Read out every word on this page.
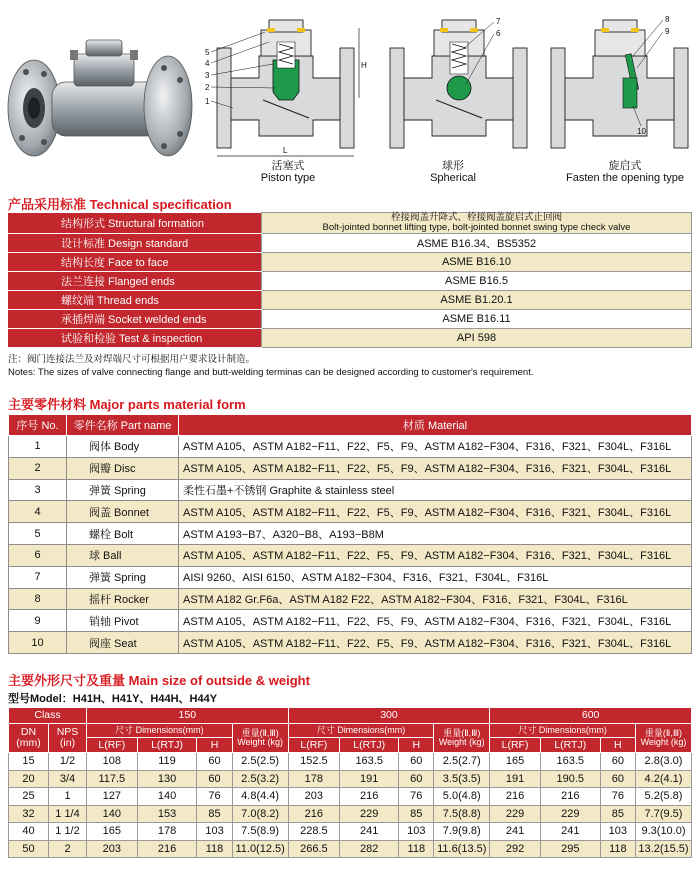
5
4
3
2
1
L
H
7
6
8
9
10
活塞式
Piston type
球形
Spherical
旋启式
Fasten the opening type
产品采用标准 Technical specification
结构形式 Structural formation	栓接阀盖升降式、栓接阀盖旋启式止回阀
Bolt-jointed bonnet lifting type, bolt-jointed bonnet swing type check valve

设计标准 Design standard	ASME B16.34、BS5352
结构长度 Face to face	ASME B16.10
法兰连接 Flanged ends	ASME B16.5
螺纹端 Thread ends	ASME B1.20.1
承插焊端 Socket welded ends	ASME B16.11
试验和检验 Test & inspection	API 598
注：阀门连接法兰及对焊端尺寸可根据用户要求设计制造。
Notes: The sizes of valve connecting flange and butt-welding terminas can be designed according to customer's requirement.
主要零件材料 Major parts material form
序号 No.	零件名称 Part name	材质 Material
1	阀体 Body	ASTM A105、ASTM A182−F11、F22、F5、F9、ASTM A182−F304、F316、F321、F304L、F316L
2	阀瓣 Disc	ASTM A105、ASTM A182−F11、F22、F5、F9、ASTM A182−F304、F316、F321、F304L、F316L
3	弹簧 Spring	柔性石墨+不锈钢 Graphite & stainless steel
4	阀盖 Bonnet	ASTM A105、ASTM A182−F11、F22、F5、F9、ASTM A182−F304、F316、F321、F304L、F316L
5	螺栓 Bolt	ASTM A193−B7、A320−B8、A193−B8M
6	球 Ball	ASTM A105、ASTM A182−F11、F22、F5、F9、ASTM A182−F304、F316、F321、F304L、F316L
7	弹簧 Spring	AISI 9260、AISI 6150、ASTM A182−F304、F316、F321、F304L、F316L
8	摇杆 Rocker	ASTM A182 Gr.F6a、ASTM A182 F22、ASTM A182−F304、F316、F321、F304L、F316L
9	销轴 Pivot	ASTM A105、ASTM A182−F11、F22、F5、F9、ASTM A182−F304、F316、F321、F304L、F316L
10	阀座 Seat	ASTM A105、ASTM A182−F11、F22、F5、F9、ASTM A182−F304、F316、F321、F304L、F316L
主要外形尺寸及重量 Main size of outside & weight
型号Model：H41H、H41Y、H44H、H44Y
Class		150				300				600			
DN (mm)	NPS (in)	尺寸 Dimensions(mm)			重量(Ⅱ,Ⅲ) Weight (kg)	尺寸 Dimensions(mm)			重量(Ⅱ,Ⅲ) Weight (kg)	尺寸 Dimensions(mm)			重量(Ⅱ,Ⅲ) Weight (kg)
		L(RF)	L(RTJ)	H		L(RF)	L(RTJ)	H		L(RF)	L(RTJ)	H	
15	1/2	108	119	60	2.5(2.5)	152.5	163.5	60	2.5(2.7)	165	163.5	60	2.8(3.0)
20	3/4	117.5	130	60	2.5(3.2)	178	191	60	3.5(3.5)	191	190.5	60	4.2(4.1)
25	1	127	140	76	4.8(4.4)	203	216	76	5.0(4.8)	216	216	76	5.2(5.8)
32	1 1/4	140	153	85	7.0(8.2)	216	229	85	7.5(8.8)	229	229	85	7.7(9.5)
40	1 1/2	165	178	103	7.5(8.9)	228.5	241	103	7.9(9.8)	241	241	103	9.3(10.0)
50	2	203	216	118	11.0(12.5)	266.5	282	118	11.6(13.5)	292	295	118	13.2(15.5)
